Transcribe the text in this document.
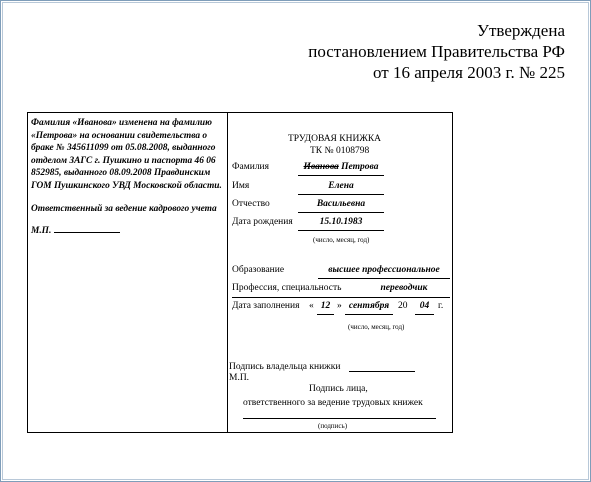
Утверждена
постановлением Правительства РФ
от 16 апреля 2003 г. № 225

Фамилия «Иванова» изменена на фамилию «Петрова» на основании свидетельства о браке № 345611099 от 05.08.2008, выданного отделом ЗАГС г. Пушкино и паспорта 46 06 852985, выданного 08.09.2008 Правдинским ГОМ Пушкинского УВД Московской области.

Ответственный за ведение кадрового учета

М.П.

ТРУДОВАЯ КНИЖКА
ТК № 0108798
Фамилия	Иванова Петрова
Имя	Елена
Отчество	Васильевна
Дата рождения	15.10.1983
(число, месяц, год)
Образование	высшее профессиональное
Профессия, специальность	переводчик
Дата заполнения « 12 » сентября 20	04 г.
(число, месяц, год)
Подпись владельца книжки
М.П.
Подпись лица,
ответственного за ведение трудовых книжек
(подпись)
